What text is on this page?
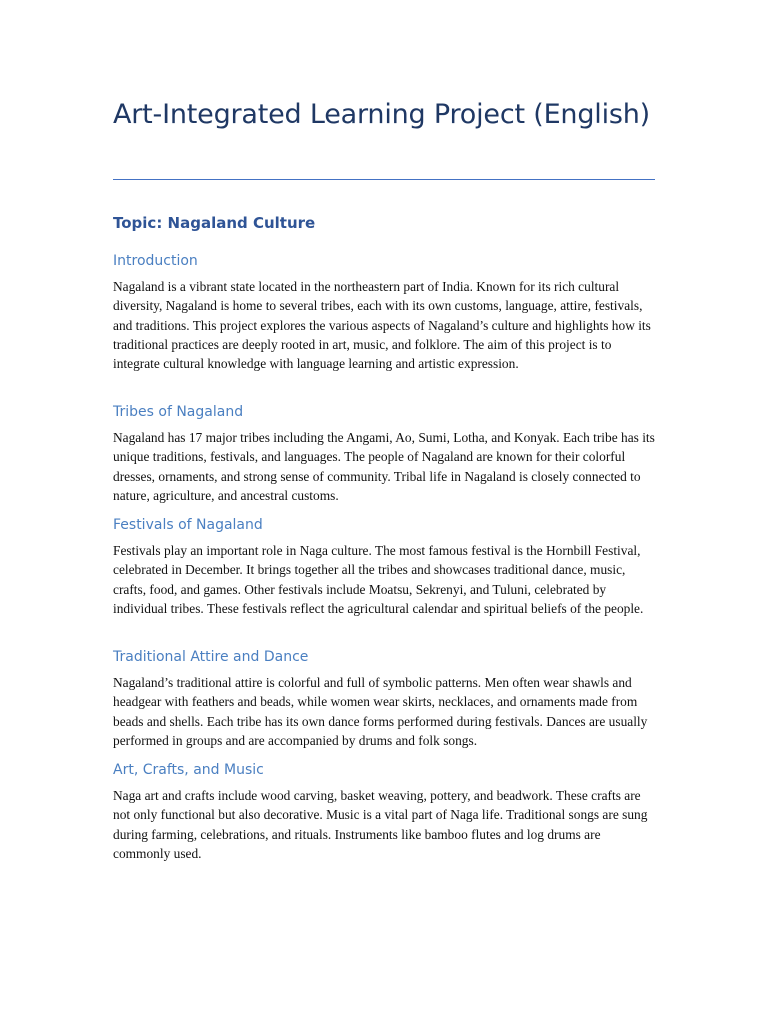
Art-Integrated Learning Project (English)
Topic: Nagaland Culture
Introduction

Nagaland is a vibrant state located in the northeastern part of India. Known for its rich cultural diversity, Nagaland is home to several tribes, each with its own customs, language, attire, festivals, and traditions. This project explores the various aspects of Nagaland’s culture and highlights how its traditional practices are deeply rooted in art, music, and folklore. The aim of this project is to integrate cultural knowledge with language learning and artistic expression.

Tribes of Nagaland

Nagaland has 17 major tribes including the Angami, Ao, Sumi, Lotha, and Konyak. Each tribe has its unique traditions, festivals, and languages. The people of Nagaland are known for their colorful dresses, ornaments, and strong sense of community. Tribal life in Nagaland is closely connected to nature, agriculture, and ancestral customs.

Festivals of Nagaland

Festivals play an important role in Naga culture. The most famous festival is the Hornbill Festival, celebrated in December. It brings together all the tribes and showcases traditional dance, music, crafts, food, and games. Other festivals include Moatsu, Sekrenyi, and Tuluni, celebrated by individual tribes. These festivals reflect the agricultural calendar and spiritual beliefs of the people.

Traditional Attire and Dance

Nagaland’s traditional attire is colorful and full of symbolic patterns. Men often wear shawls and headgear with feathers and beads, while women wear skirts, necklaces, and ornaments made from beads and shells. Each tribe has its own dance forms performed during festivals. Dances are usually performed in groups and are accompanied by drums and folk songs.

Art, Crafts, and Music

Naga art and crafts include wood carving, basket weaving, pottery, and beadwork. These crafts are not only functional but also decorative. Music is a vital part of Naga life. Traditional songs are sung during farming, celebrations, and rituals. Instruments like bamboo flutes and log drums are commonly used.
